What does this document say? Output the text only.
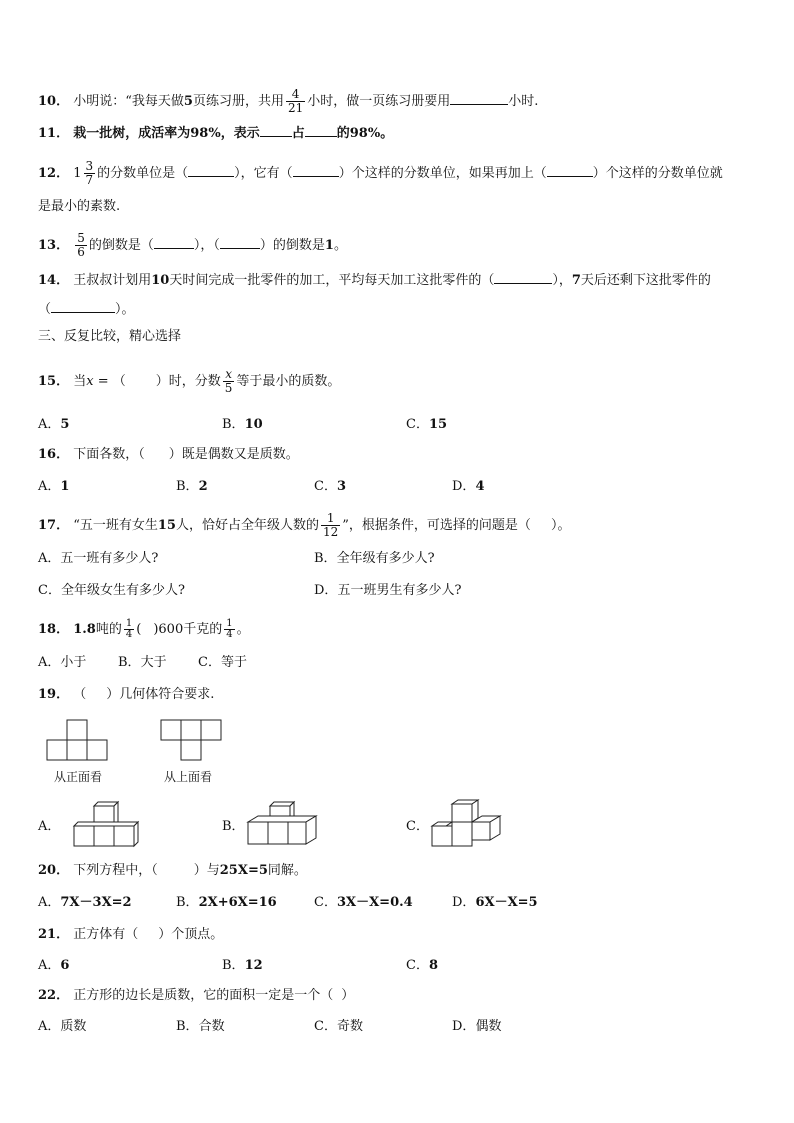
10． 小明说：“我每天做5页练习册，共用 $\frac{4}{21}$ 小时，做一页练习册要用	小时.
11． 栽一批树，成活率为98%，表示 占 的98%。
12． $1 \frac{3}{7}$ 的分数单位是（	），它有（	）个这样的分数单位，如果再加上（	）个这样的分数单位就
是最小的素数.
13． $\frac{5}{6}$ 的倒数是（	），（	）的倒数是1。
14． 王叔叔计划用10天时间完成一批零件的加工，平均每天加工这批零件的（	），7天后还剩下这批零件的
（	）。
三、反复比较，精心选择
15． 当x = （ ）时，分数 $\frac{x}{5}$ 等于最小的质数。
A．5	B．10	C．15
16． 下面各数，（ ）既是偶数又是质数。
A．1	B．2	C．3	D．4
17． “五一班有女生15人，恰好占全年级人数的 $\frac{1}{12}$ ”，根据条件，可选择的问题是（ ）。
A．五一班有多少人?	B．全年级有多少人?
C．全年级女生有多少人?	D．五一班男生有多少人?
18． 1.8吨的 $\frac{1}{4}$ ( )600千克的 $\frac{1}{4}$ 。
A．小于 B．大于 C．等于
19． （ ）几何体符合要求.
从正面看	从上面看
A．	B．	C．
20． 下列方程中，（	）与25X=5同解。
A．7X－3X=2	B．2X+6X=16	C．3X－X=0.4	D．6X－X=5
21． 正方体有（ ）个顶点。
A．6	B．12	C．8
22． 正方形的边长是质数，它的面积一定是一个（ ）
A．质数	B．合数	C．奇数	D．偶数
